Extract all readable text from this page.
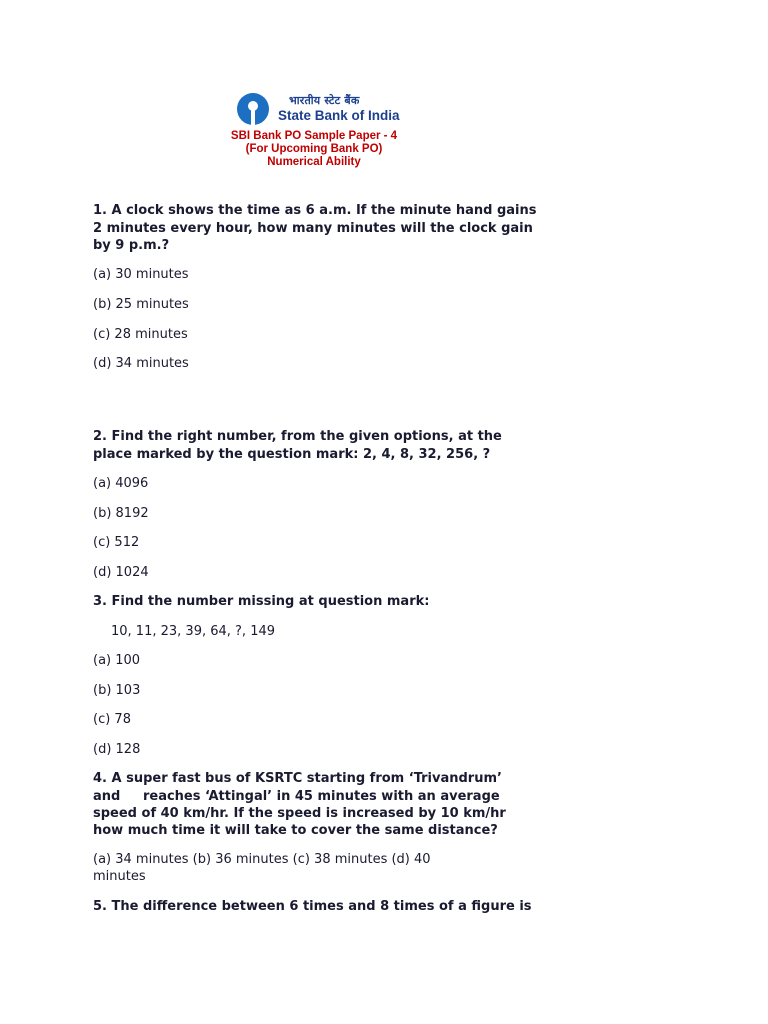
भारतीय स्टेट बैंक
State Bank of India
SBI Bank PO Sample Paper - 4
(For Upcoming Bank PO)
Numerical Ability

1. A clock shows the time as 6 a.m. If the minute hand gains

2 minutes every hour, how many minutes will the clock gain

by 9 p.m.?

(a) 30 minutes

(b) 25 minutes

(c) 28 minutes

(d) 34 minutes

2. Find the right number, from the given options, at the

place marked by the question mark: 2, 4, 8, 32, 256, ?

(a) 4096

(b) 8192

(c) 512

(d) 1024

3. Find the number missing at question mark:

10, 11, 23, 39, 64, ?, 149

(a) 100

(b) 103

(c) 78

(d) 128

4. A super fast bus of KSRTC starting from ‘Trivandrum’

and     reaches ‘Attingal’ in 45 minutes with an average

speed of 40 km/hr. If the speed is increased by 10 km/hr

how much time it will take to cover the same distance?

(a) 34 minutes (b) 36 minutes (c) 38 minutes (d) 40

minutes

5. The difference between 6 times and 8 times of a figure is
